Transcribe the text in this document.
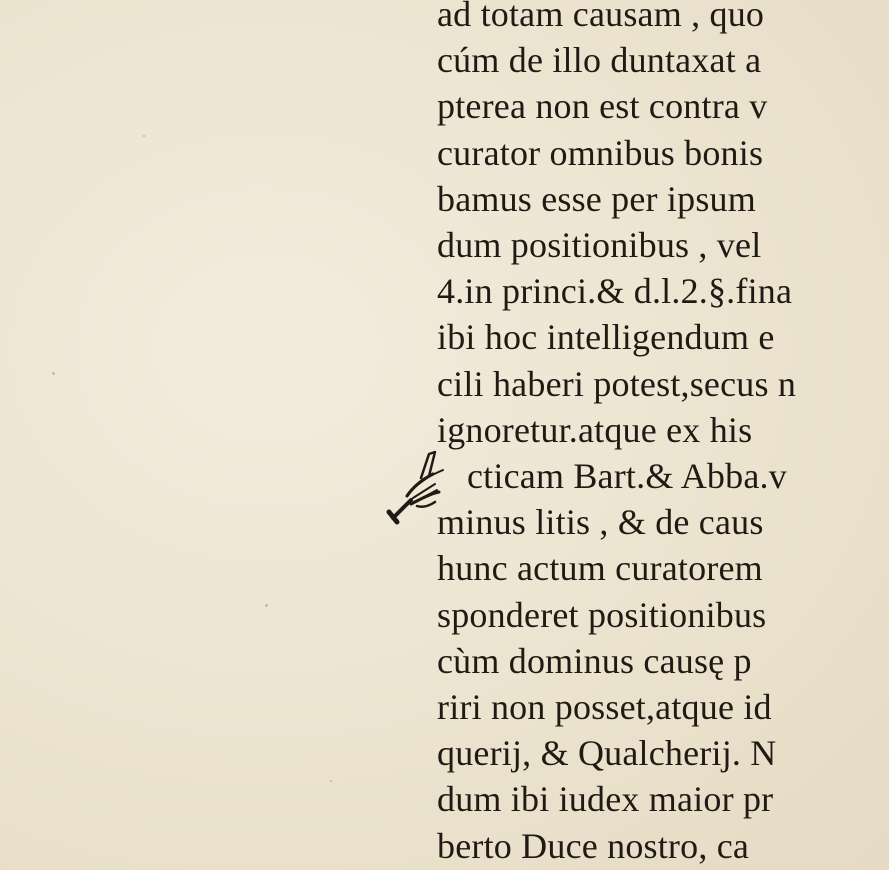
ad totam causam , quo
cúm de illo duntaxat a
pterea non est contra v
curator omnibus bonis
bamus esse per ipsum
dum positionibus , vel
4.in princi.& d.l.2.§.fina
ibi hoc intelligendum e
cili haberi potest,secus n
ignoretur.atque ex his
cticam Bart.& Abba.v
minus litis , & de caus
hunc actum curatorem
sponderet positionibus
cùm dominus causę p
riri non posset,atque id
querij, & Qualcherij. N
dum ibi iudex maior pr
berto Duce nostro, ca
